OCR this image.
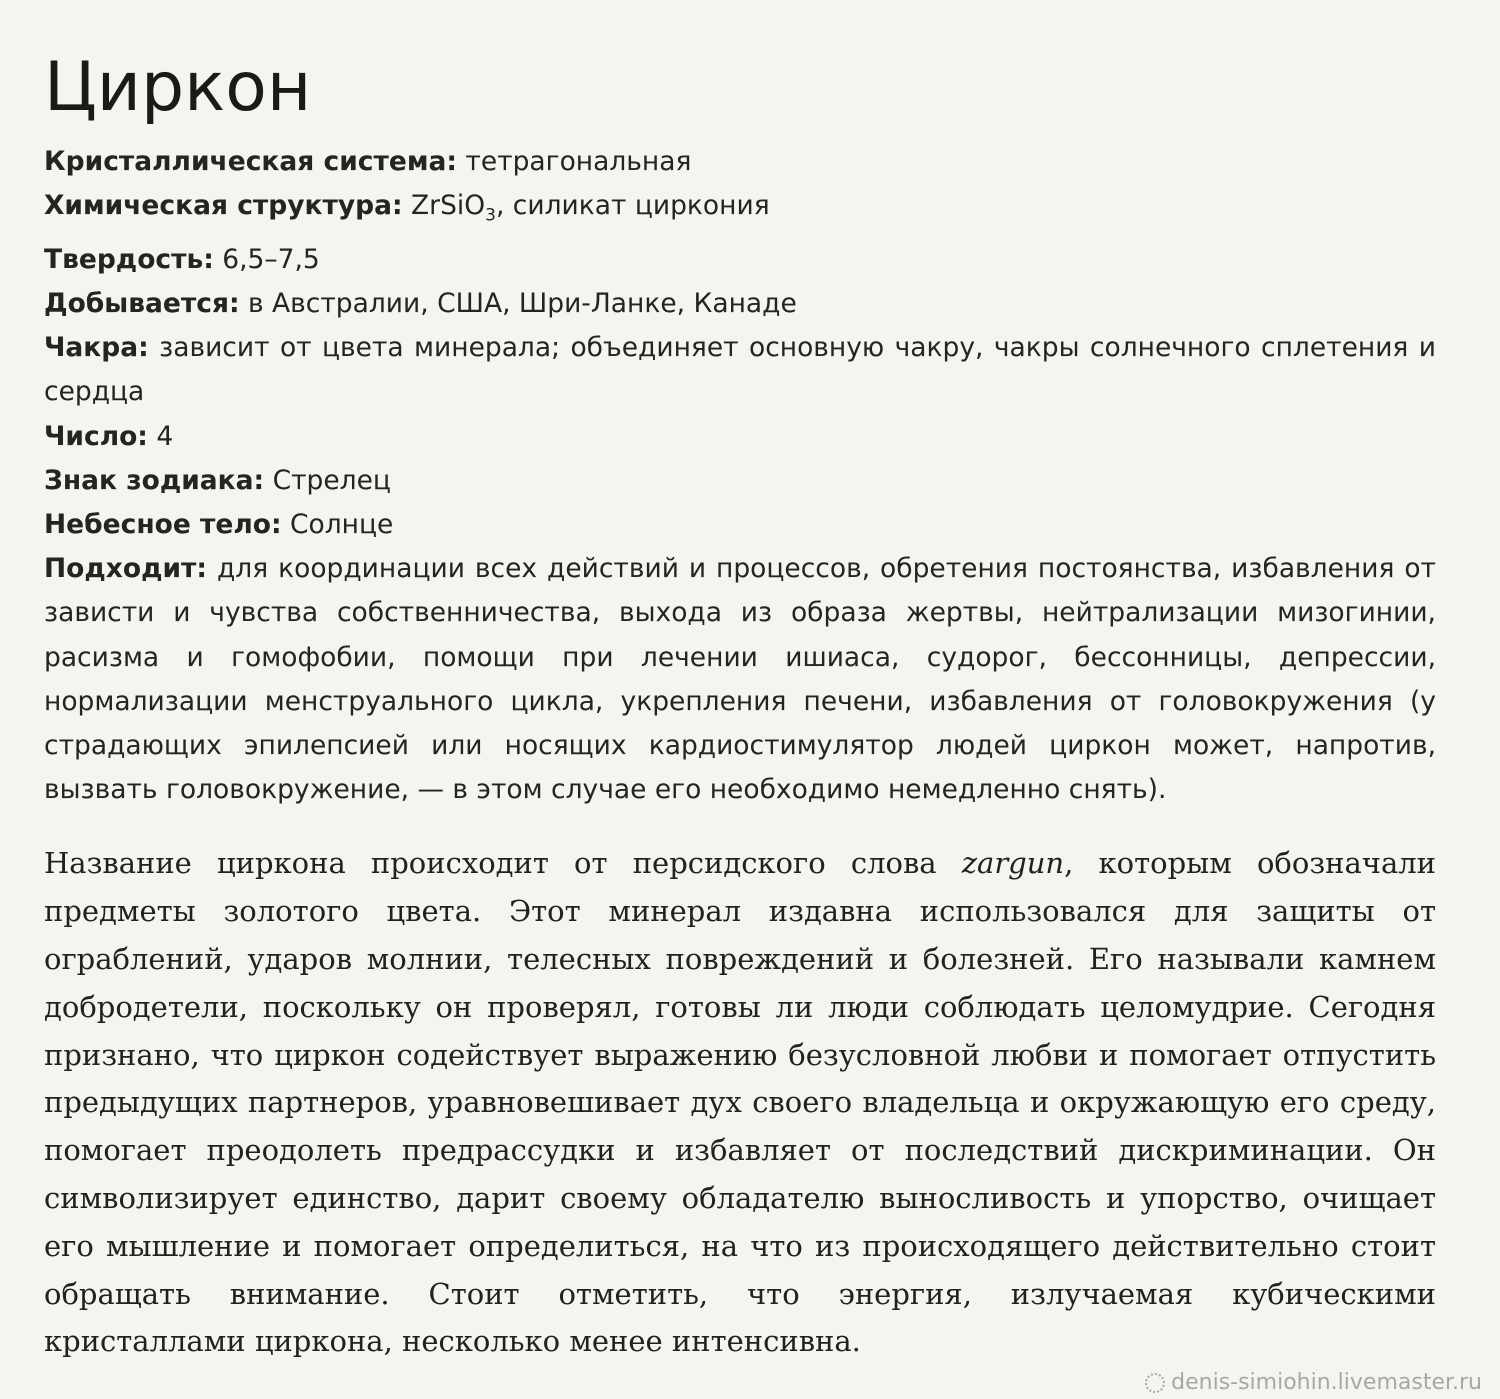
Циркон

Кристаллическая система: тетрагональная

Химическая структура: ZrSiO$_3$, силикат циркония

Твердость: 6,5–7,5

Добывается: в Австралии, США, Шри-Ланке, Канаде

Чакра: зависит от цвета минерала; объединяет основную чакру, чакры солнечного сплетения и сердца

Число: 4

Знак зодиака: Стрелец

Небесное тело: Солнце

Подходит: для координации всех действий и процессов, обретения постоянства, избавления от зависти и чувства собственничества, выхода из образа жертвы, нейтрализации мизогинии, расизма и гомофобии, помощи при лечении ишиаса, судорог, бессонницы, депрессии, нормализации менструального цикла, укрепления печени, избавления от головокружения (у страдающих эпилепсией или носящих кардиостимулятор людей циркон может, напротив, вызвать головокружение, — в этом случае его необходимо немедленно снять).

Название циркона происходит от персидского слова zargun, которым обозначали предметы золотого цвета. Этот минерал издавна использовался для защиты от ограблений, ударов молнии, телесных повреждений и болезней. Его называли камнем добродетели, поскольку он проверял, готовы ли люди соблюдать целомудрие. Сегодня признано, что циркон содействует выражению безусловной любви и помогает отпустить предыдущих партнеров, уравновешивает дух своего владельца и окружающую его среду, помогает преодолеть предрассудки и избавляет от последствий дискриминации. Он символизирует единство, дарит своему обладателю выносливость и упорство, очищает его мышление и помогает определиться, на что из происходящего действительно стоит обращать внимание. Стоит отметить, что энергия, излучаемая кубическими кристаллами циркона, несколько менее интенсивна.

denis-simiohin.livemaster.ru
